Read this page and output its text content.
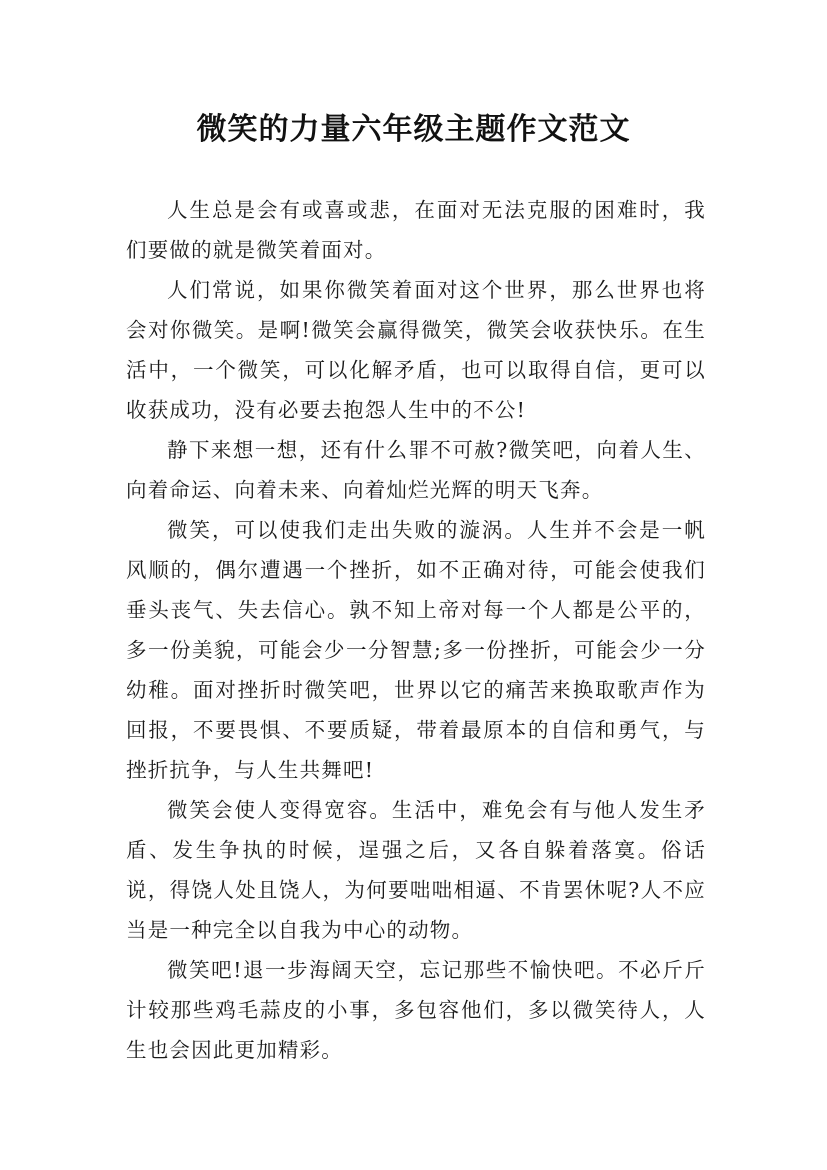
微笑的力量六年级主题作文范文

人生总是会有或喜或悲，在面对无法克服的困难时，我们要做的就是微笑着面对。

人们常说，如果你微笑着面对这个世界，那么世界也将会对你微笑。是啊!微笑会赢得微笑，微笑会收获快乐。在生活中，一个微笑，可以化解矛盾，也可以取得自信，更可以收获成功，没有必要去抱怨人生中的不公!

静下来想一想，还有什么罪不可赦?微笑吧，向着人生、向着命运、向着未来、向着灿烂光辉的明天飞奔。

微笑，可以使我们走出失败的漩涡。人生并不会是一帆风顺的，偶尔遭遇一个挫折，如不正确对待，可能会使我们垂头丧气、失去信心。孰不知上帝对每一个人都是公平的，多一份美貌，可能会少一分智慧;多一份挫折，可能会少一分幼稚。面对挫折时微笑吧，世界以它的痛苦来换取歌声作为回报，不要畏惧、不要质疑，带着最原本的自信和勇气，与挫折抗争，与人生共舞吧!

微笑会使人变得宽容。生活中，难免会有与他人发生矛盾、发生争执的时候，逞强之后，又各自躲着落寞。俗话说，得饶人处且饶人，为何要咄咄相逼、不肯罢休呢?人不应当是一种完全以自我为中心的动物。

微笑吧!退一步海阔天空，忘记那些不愉快吧。不必斤斤计较那些鸡毛蒜皮的小事，多包容他们，多以微笑待人，人生也会因此更加精彩。
